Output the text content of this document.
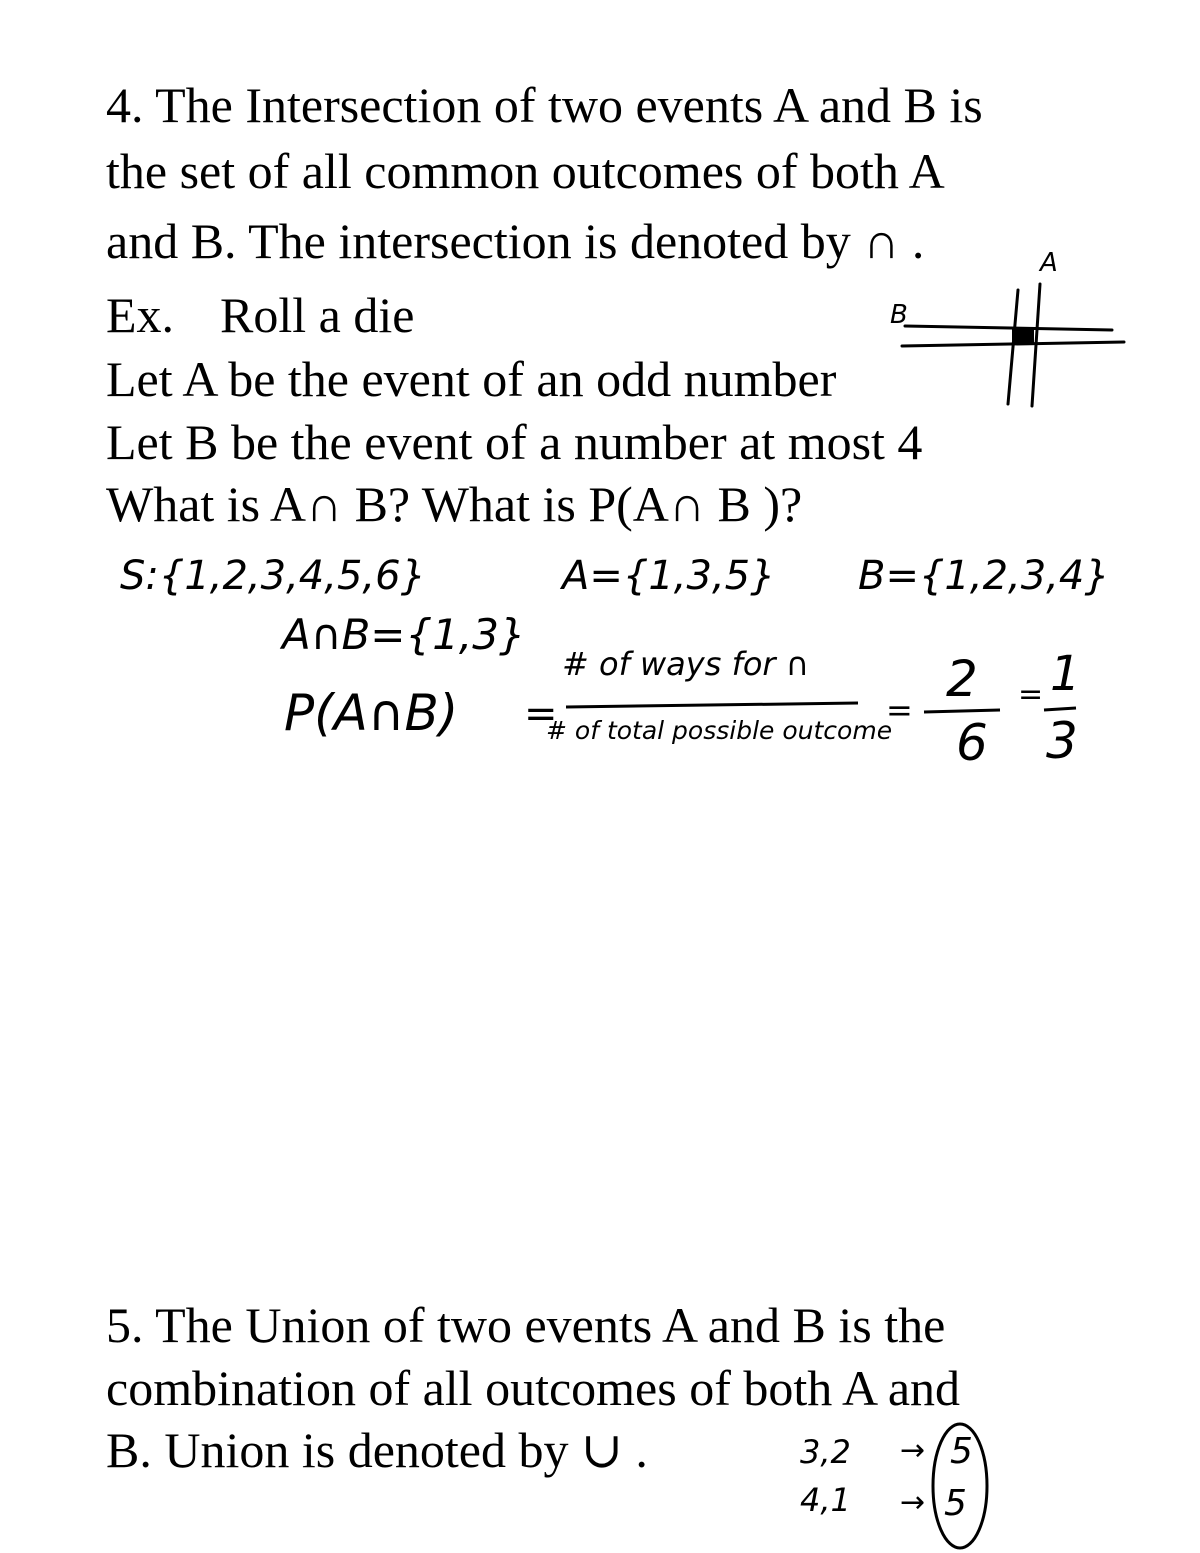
4. The Intersection of two events A and B is
the set of all common outcomes of both A
and B. The intersection is denoted by ∩ .
Ex. Roll a die
Let A be the event of an odd number
Let B be the event of a number at most 4
What is A∩ B? What is P(A∩ B )?
A
B
S:{1,2,3,4,5,6}	A={1,3,5} B={1,2,3,4}
A∩B={1,3}
P(A∩B) =
# of ways for ∩
# of total possible outcome
=
2
6
= 1
3
5. The Union of two events A and B is the
combination of all outcomes of both A and
B. Union is denoted by ∪ .	3,2 → 5
4,1 → 5
